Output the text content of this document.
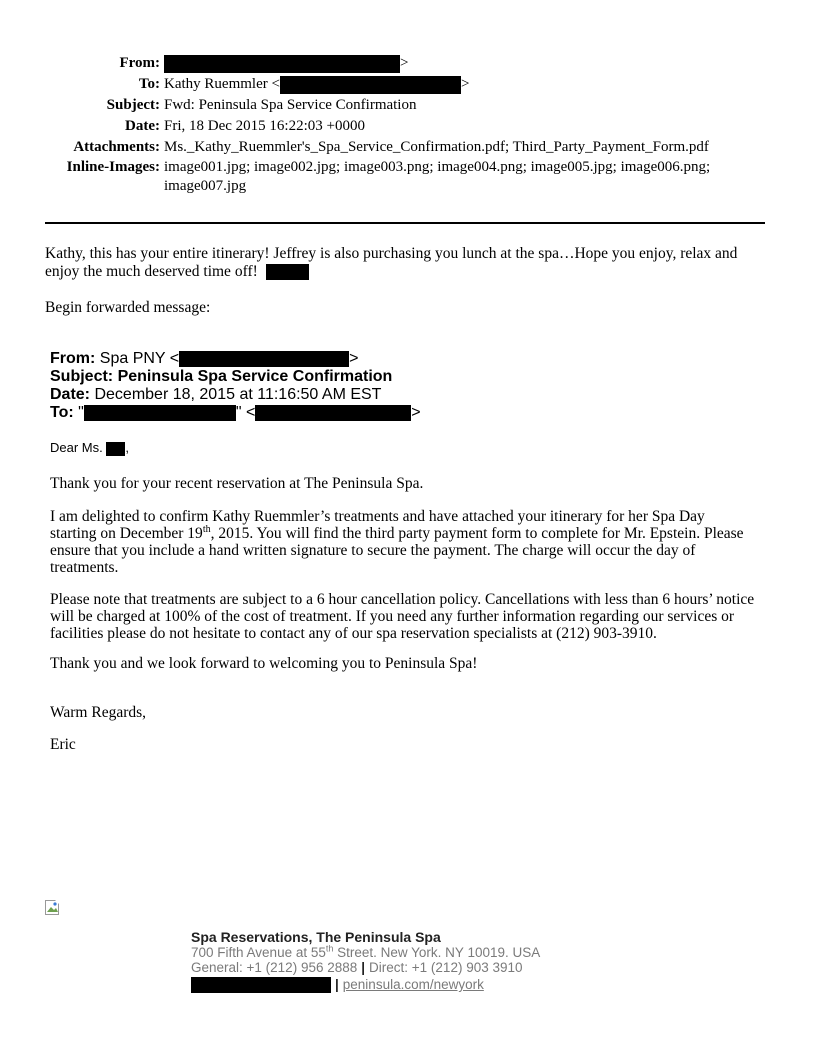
From:	>
To: Kathy Ruemmler <	>
Subject: Fwd: Peninsula Spa Service Confirmation
Date: Fri, 18 Dec 2015 16:22:03 +0000
Attachments: Ms._Kathy_Ruemmler's_Spa_Service_Confirmation.pdf; Third_Party_Payment_Form.pdf
Inline-Images: image001.jpg; image002.jpg; image003.png; image004.png; image005.jpg; image006.png; image007.jpg
Kathy, this has your entire itinerary! Jeffrey is also purchasing you lunch at the spa…Hope you enjoy, relax and enjoy the much deserved time off!
Begin forwarded message:
From: Spa PNY <	>
Subject: Peninsula Spa Service Confirmation
Date: December 18, 2015 at 11:16:50 AM EST
To: "	" <	>
Dear Ms. ,
Thank you for your recent reservation at The Peninsula Spa.
I am delighted to confirm Kathy Ruemmler’s treatments and have attached your itinerary for her Spa Day starting on December 19th, 2015. You will find the third party payment form to complete for Mr. Epstein. Please ensure that you include a hand written signature to secure the payment. The charge will occur the day of treatments.
Please note that treatments are subject to a 6 hour cancellation policy. Cancellations with less than 6 hours’ notice will be charged at 100% of the cost of treatment. If you need any further information regarding our services or facilities please do not hesitate to contact any of our spa reservation specialists at (212) 903-3910.
Thank you and we look forward to welcoming you to Peninsula Spa!
Warm Regards,
Eric
Spa Reservations, The Peninsula Spa
700 Fifth Avenue at 55th Street. New York. NY 10019. USA
General: +1 (212) 956 2888 | Direct: +1 (212) 903 3910
| peninsula.com/newyork
